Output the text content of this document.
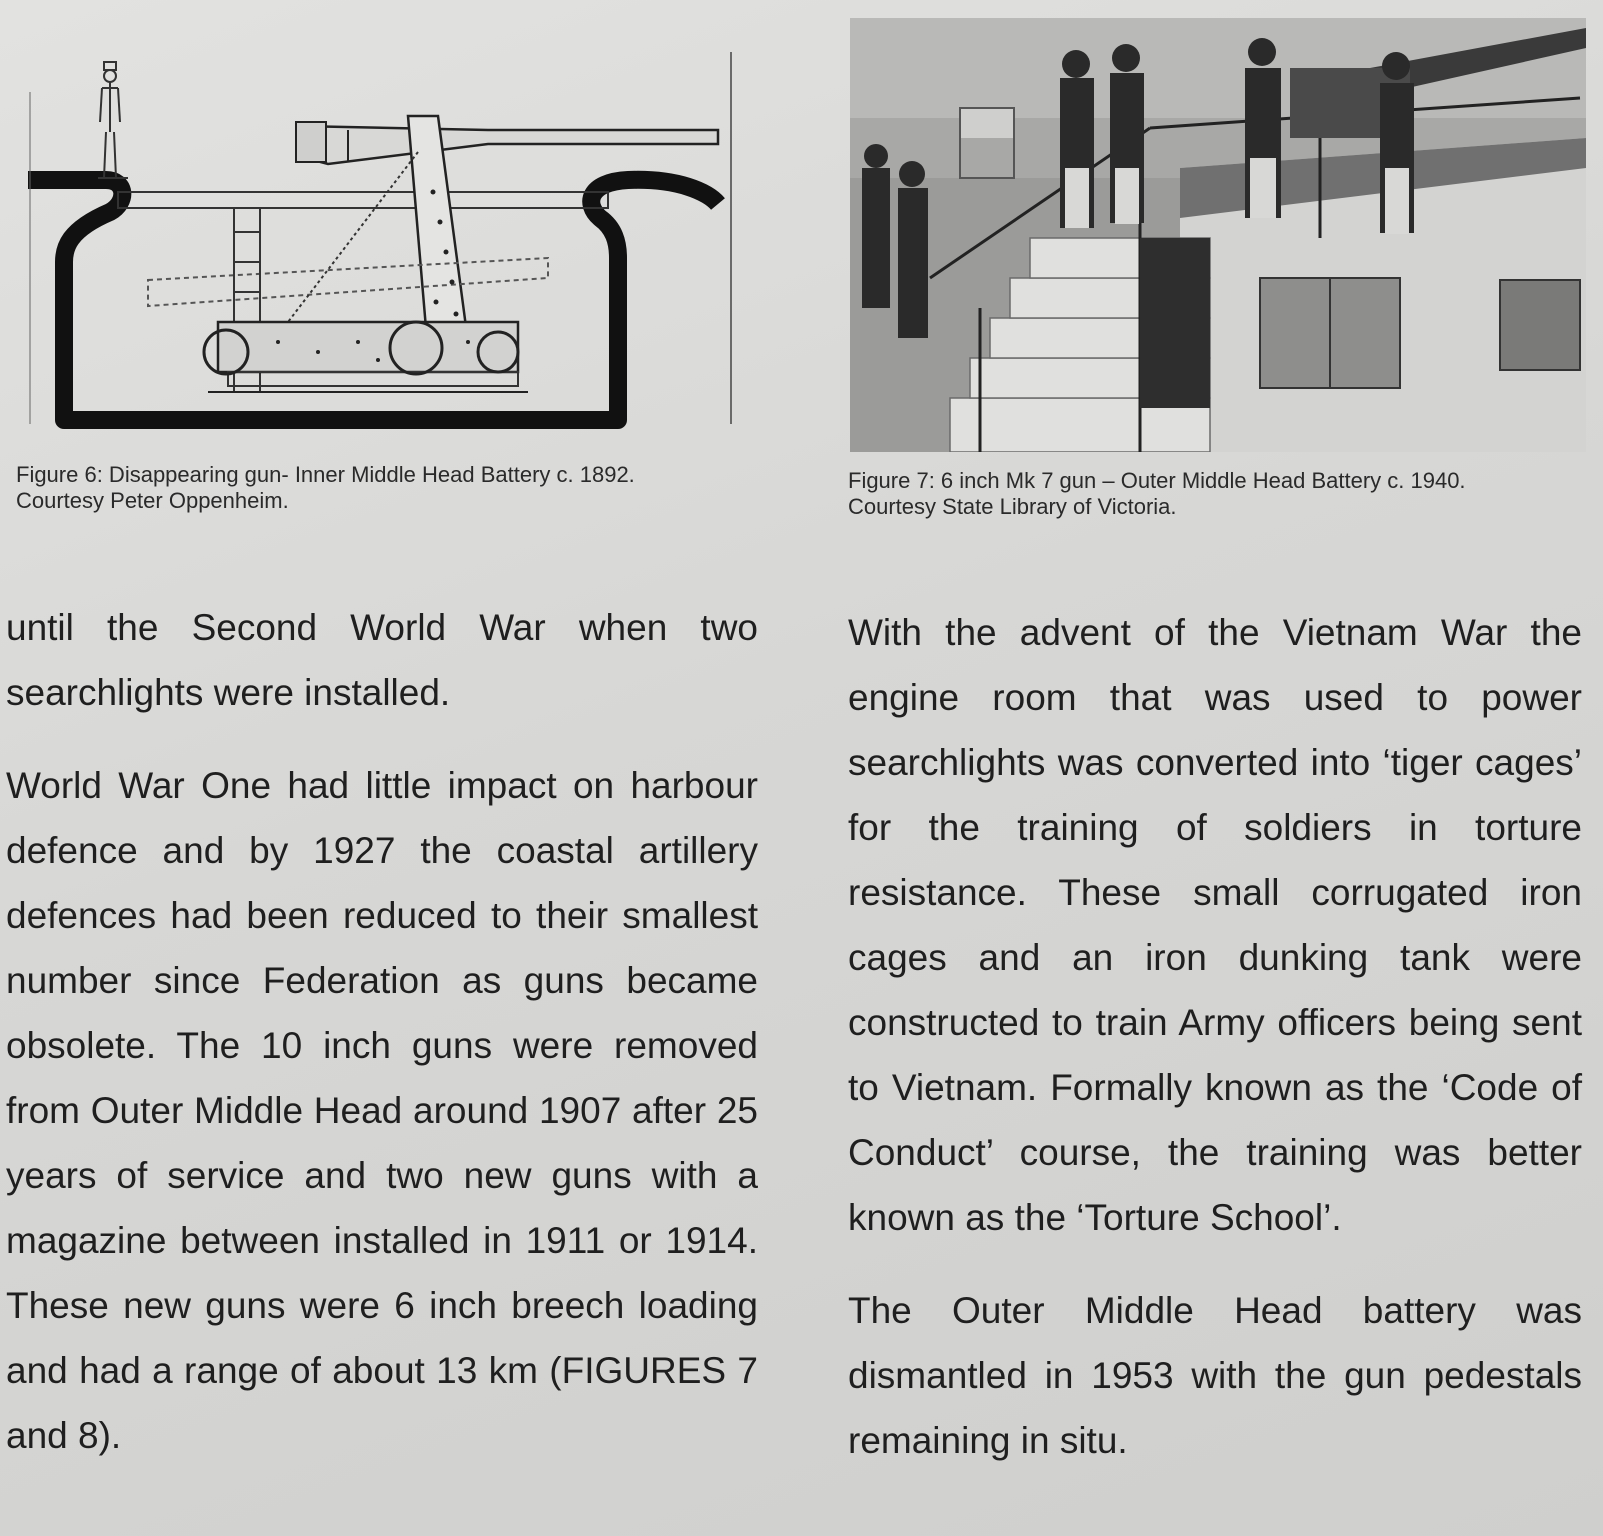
Figure 6: Disappearing gun- Inner Middle Head Battery c. 1892.
Courtesy Peter Oppenheim.
Figure 7: 6 inch Mk 7 gun – Outer Middle Head Battery c. 1940.
Courtesy State Library of Victoria.

until the Second World War when two searchlights were installed.

World War One had little impact on harbour defence and by 1927 the coastal artillery defences had been reduced to their smallest number since Federation as guns became obsolete. The 10 inch guns were removed from Outer Middle Head around 1907 after 25 years of service and two new guns with a magazine between installed in 1911 or 1914. These new guns were 6 inch breech loading and had a range of about 13 km (FIGURES 7 and 8).

With the advent of the Vietnam War the engine room that was used to power searchlights was converted into ‘tiger cages’ for the training of soldiers in torture resistance. These small corrugated iron cages and an iron dunking tank were constructed to train Army officers being sent to Vietnam. Formally known as the ‘Code of Conduct’ course, the training was better known as the ‘Torture School’.

The Outer Middle Head battery was dismantled in 1953 with the gun pedestals remaining in situ.
